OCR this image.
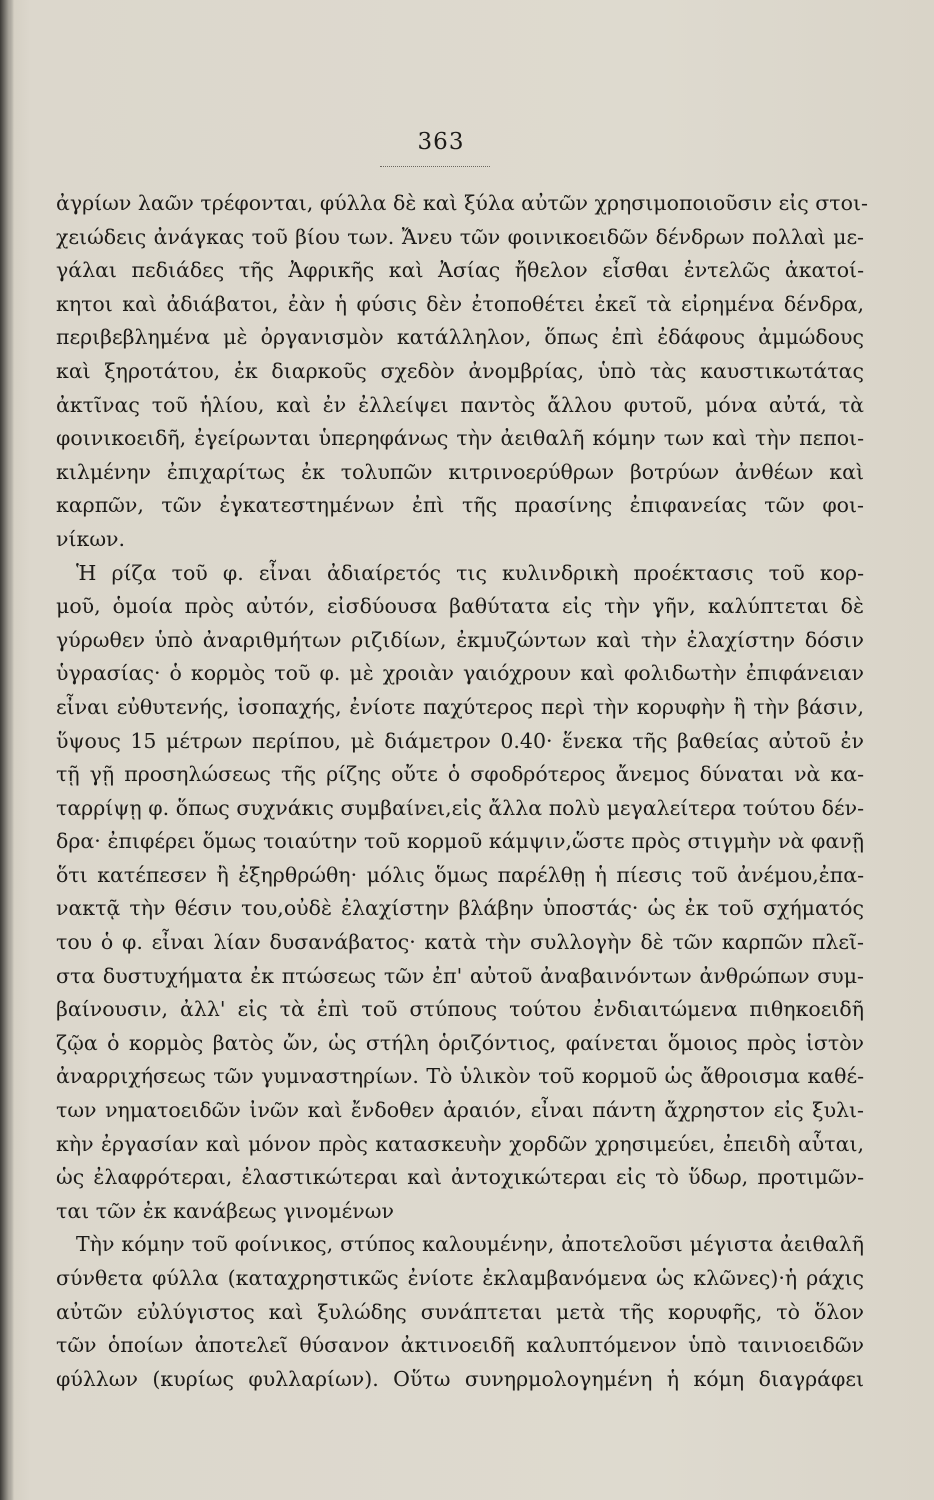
363
ἀγρίων λαῶν τρέφονται, φύλλα δὲ καὶ ξύλα αὐτῶν χρησιμοποιοῦσιν εἰς στοι-
χειώδεις ἀνάγκας τοῦ βίου των. Ἄνευ τῶν φοινικοειδῶν δένδρων πολλαὶ με-
γάλαι πεδιάδες τῆς Ἀφρικῆς καὶ Ἀσίας ἤθελον εἶσθαι ἐντελῶς ἀκατοί-
κητοι καὶ ἀδιάβατοι, ἐὰν ἡ φύσις δὲν ἐτοποθέτει ἐκεῖ τὰ εἰρημένα δένδρα,
περιβεβλημένα μὲ ὀργανισμὸν κατάλληλον, ὅπως ἐπὶ ἐδάφους ἀμμώδους
καὶ ξηροτάτου, ἐκ διαρκοῦς σχεδὸν ἀνομβρίας, ὑπὸ τὰς καυστικωτάτας
ἀκτῖνας τοῦ ἡλίου, καὶ ἐν ἐλλείψει παντὸς ἄλλου φυτοῦ, μόνα αὐτά, τὰ
φοινικοειδῆ, ἐγείρωνται ὑπερηφάνως τὴν ἀειθαλῆ κόμην των καὶ τὴν πεποι-
κιλμένην ἐπιχαρίτως ἐκ τολυπῶν κιτρινοερύθρων βοτρύων ἀνθέων καὶ
καρπῶν, τῶν ἐγκατεστημένων ἐπὶ τῆς πρασίνης ἐπιφανείας τῶν φοι-
νίκων.
Ἡ ρίζα τοῦ φ. εἶναι ἀδιαίρετός τις κυλινδρικὴ προέκτασις τοῦ κορ-
μοῦ, ὁμοία πρὸς αὐτόν, εἰσδύουσα βαθύτατα εἰς τὴν γῆν, καλύπτεται δὲ
γύρωθεν ὑπὸ ἀναριθμήτων ριζιδίων, ἐκμυζώντων καὶ τὴν ἐλαχίστην δόσιν
ὑγρασίας· ὁ κορμὸς τοῦ φ. μὲ χροιὰν γαιόχρουν καὶ φολιδωτὴν ἐπιφάνειαν
εἶναι εὐθυτενής, ἰσοπαχής, ἐνίοτε παχύτερος περὶ τὴν κορυφὴν ἢ τὴν βάσιν,
ὕψους 15 μέτρων περίπου, μὲ διάμετρον 0.40· ἕνεκα τῆς βαθείας αὐτοῦ ἐν
τῇ γῇ προσηλώσεως τῆς ρίζης οὔτε ὁ σφοδρότερος ἄνεμος δύναται νὰ κα-
ταρρίψῃ φ. ὅπως συχνάκις συμβαίνει,εἰς ἄλλα πολὺ μεγαλείτερα τούτου δέν-
δρα· ἐπιφέρει ὅμως τοιαύτην τοῦ κορμοῦ κάμψιν,ὥστε πρὸς στιγμὴν νὰ φανῇ
ὅτι κατέπεσεν ἢ ἐξηρθρώθη· μόλις ὅμως παρέλθῃ ἡ πίεσις τοῦ ἀνέμου,ἐπα-
νακτᾷ τὴν θέσιν του,οὐδὲ ἐλαχίστην βλάβην ὑποστάς· ὡς ἐκ τοῦ σχήματός
του ὁ φ. εἶναι λίαν δυσανάβατος· κατὰ τὴν συλλογὴν δὲ τῶν καρπῶν πλεῖ-
στα δυστυχήματα ἐκ πτώσεως τῶν ἐπ' αὐτοῦ ἀναβαινόντων ἀνθρώπων συμ-
βαίνουσιν, ἀλλ' εἰς τὰ ἐπὶ τοῦ στύπους τούτου ἐνδιαιτώμενα πιθηκοειδῆ
ζῷα ὁ κορμὸς βατὸς ὤν, ὡς στήλη ὁριζόντιος, φαίνεται ὅμοιος πρὸς ἱστὸν
ἀναρριχήσεως τῶν γυμναστηρίων. Τὸ ὑλικὸν τοῦ κορμοῦ ὡς ἄθροισμα καθέ-
των νηματοειδῶν ἰνῶν καὶ ἔνδοθεν ἀραιόν, εἶναι πάντη ἄχρηστον εἰς ξυλι-
κὴν ἐργασίαν καὶ μόνον πρὸς κατασκευὴν χορδῶν χρησιμεύει, ἐπειδὴ αὗται,
ὡς ἐλαφρότεραι, ἐλαστικώτεραι καὶ ἀντοχικώτεραι εἰς τὸ ὕδωρ, προτιμῶν-
ται τῶν ἐκ κανάβεως γινομένων
Τὴν κόμην τοῦ φοίνικος, στύπος καλουμένην, ἀποτελοῦσι μέγιστα ἀειθαλῆ
σύνθετα φύλλα (καταχρηστικῶς ἐνίοτε ἐκλαμβανόμενα ὡς κλῶνες)·ἡ ράχις
αὐτῶν εὐλύγιστος καὶ ξυλώδης συνάπτεται μετὰ τῆς κορυφῆς, τὸ ὅλον
τῶν ὁποίων ἀποτελεῖ θύσανον ἀκτινοειδῆ καλυπτόμενον ὑπὸ ταινιοειδῶν
φύλλων (κυρίως φυλλαρίων). Οὕτω συνηρμολογημένη ἡ κόμη διαγράφει
